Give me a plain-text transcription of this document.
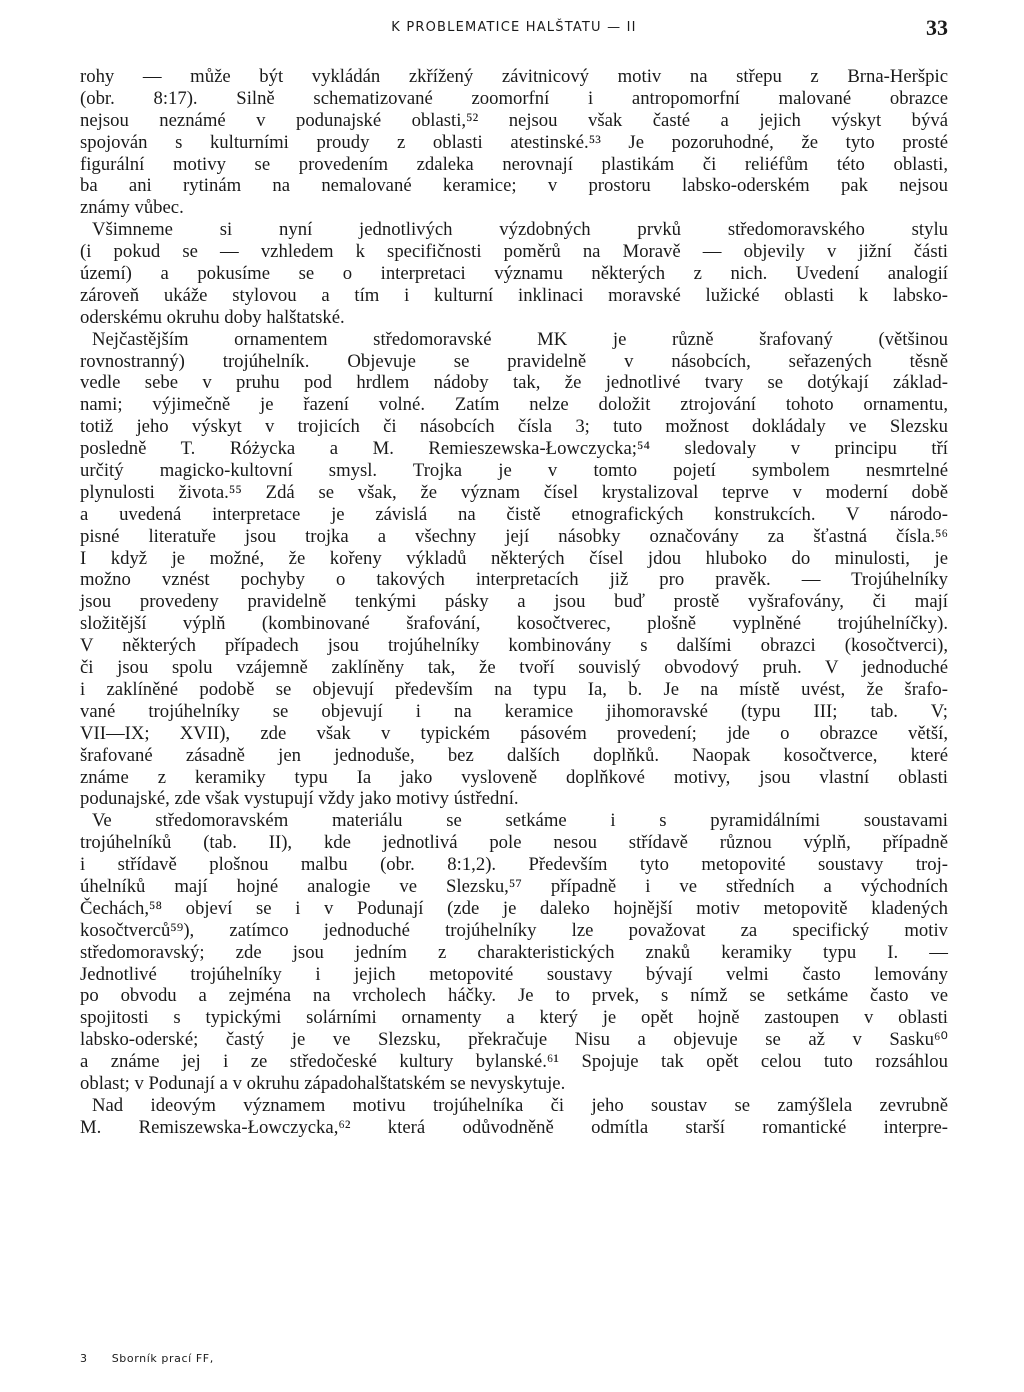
K PROBLEMATICE HALŠTATU — II	33
rohy — může být vykládán zkřížený závitnicový motiv na střepu z Brna-Heršpic
(obr. 8:17). Silně schematizované zoomorfní i antropomorfní malované obrazce
nejsou neznámé v podunajské oblasti,⁵² nejsou však časté a jejich výskyt bývá
spojován s kulturními proudy z oblasti atestinské.⁵³ Je pozoruhodné, že tyto prosté
figurální motivy se provedením zdaleka nerovnají plastikám či reliéfům této oblasti,
ba ani rytinám na nemalované keramice; v prostoru labsko-oderském pak nejsou
známy vůbec.
Všimneme si nyní jednotlivých výzdobných prvků středomoravského stylu
(i pokud se — vzhledem k specifičnosti poměrů na Moravě — objevily v jižní části
území) a pokusíme se o interpretaci významu některých z nich. Uvedení analogií
zároveň ukáže stylovou a tím i kulturní inklinaci moravské lužické oblasti k labsko-
oderskému okruhu doby halštatské.
Nejčastějším ornamentem středomoravské MK je různě šrafovaný (většinou
rovnostranný) trojúhelník. Objevuje se pravidelně v násobcích, seřazených těsně
vedle sebe v pruhu pod hrdlem nádoby tak, že jednotlivé tvary se dotýkají základ-
nami; výjimečně je řazení volné. Zatím nelze doložit ztrojování tohoto ornamentu,
totiž jeho výskyt v trojicích či násobcích čísla 3; tuto možnost dokládaly ve Slezsku
posledně T. Różycka a M. Remieszewska-Łowczycka;⁵⁴ sledovaly v principu tří
určitý magicko-kultovní smysl. Trojka je v tomto pojetí symbolem nesmrtelné
plynulosti života.⁵⁵ Zdá se však, že význam čísel krystalizoval teprve v moderní době
a uvedená interpretace je závislá na čistě etnografických konstrukcích. V národo-
pisné literatuře jsou trojka a všechny její násobky označovány za šťastná čísla.⁵⁶
I když je možné, že kořeny výkladů některých čísel jdou hluboko do minulosti, je
možno vznést pochyby o takových interpretacích již pro pravěk. — Trojúhelníky
jsou provedeny pravidelně tenkými pásky a jsou buď prostě vyšrafovány, či mají
složitější výplň (kombinované šrafování, kosočtverec, plošně vyplněné trojúhelníčky).
V některých případech jsou trojúhelníky kombinovány s dalšími obrazci (kosočtverci),
či jsou spolu vzájemně zaklíněny tak, že tvoří souvislý obvodový pruh. V jednoduché
i zaklíněné podobě se objevují především na typu Ia, b. Je na místě uvést, že šrafo-
vané trojúhelníky se objevují i na keramice jihomoravské (typu III; tab. V;
VII—IX; XVII), zde však v typickém pásovém provedení; jde o obrazce větší,
šrafované zásadně jen jednoduše, bez dalších doplňků. Naopak kosočtverce, které
známe z keramiky typu Ia jako vysloveně doplňkové motivy, jsou vlastní oblasti
podunajské, zde však vystupují vždy jako motivy ústřední.
Ve středomoravském materiálu se setkáme i s pyramidálními soustavami
trojúhelníků (tab. II), kde jednotlivá pole nesou střídavě různou výplň, případně
i střídavě plošnou malbu (obr. 8:1,2). Především tyto metopovité soustavy troj-
úhelníků mají hojné analogie ve Slezsku,⁵⁷ případně i ve středních a východních
Čechách,⁵⁸ objeví se i v Podunají (zde je daleko hojnější motiv metopovitě kladených
kosočtverců⁵⁹), zatímco jednoduché trojúhelníky lze považovat za specifický motiv
středomoravský; zde jsou jedním z charakteristických znaků keramiky typu I. —
Jednotlivé trojúhelníky i jejich metopovité soustavy bývají velmi často lemovány
po obvodu a zejména na vrcholech háčky. Je to prvek, s nímž se setkáme často ve
spojitosti s typickými solárními ornamenty a který je opět hojně zastoupen v oblasti
labsko-oderské; častý je ve Slezsku, překračuje Nisu a objevuje se až v Sasku⁶⁰
a známe jej i ze středočeské kultury bylanské.⁶¹ Spojuje tak opět celou tuto rozsáhlou
oblast; v Podunají a v okruhu západohalštatském se nevyskytuje.
Nad ideovým významem motivu trojúhelníka či jeho soustav se zamýšlela zevrubně
M. Remiszewska-Łowczycka,⁶² která odůvodněně odmítla starší romantické interpre-
3 Sborník prací FF,
